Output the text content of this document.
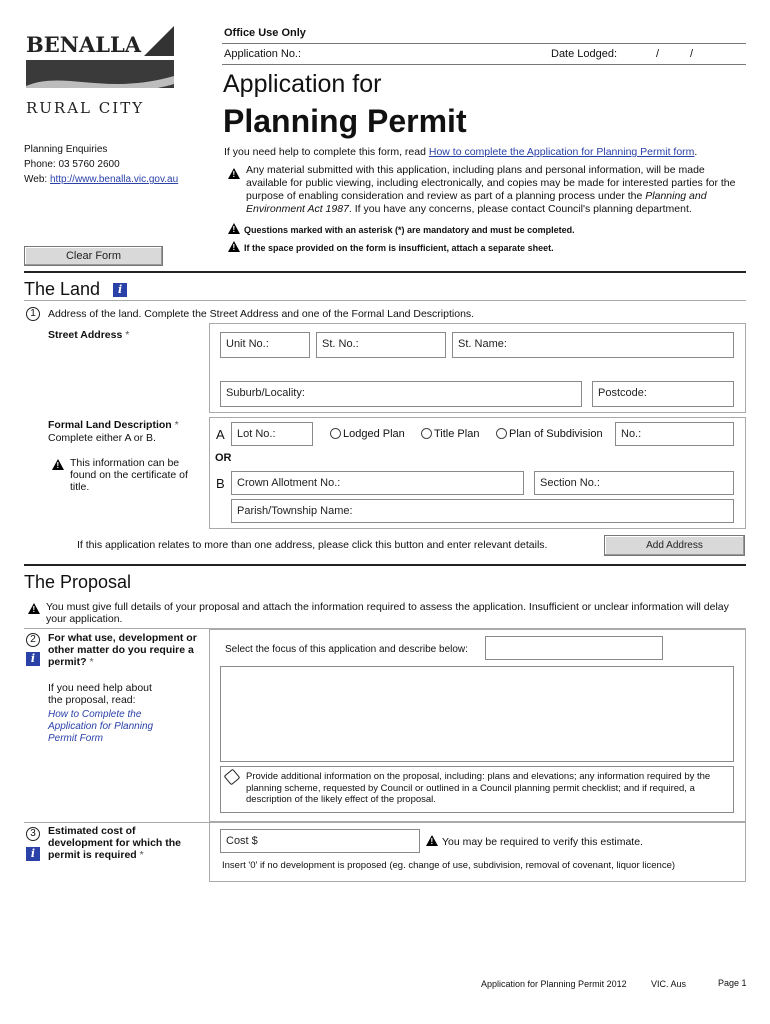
BENALLA
RURAL CITY
Planning Enquiries
Phone: 03 5760 2600
Web: http://www.benalla.vic.gov.au
Office Use Only
Application No.:	Date Lodged:	/	/
Application for
Planning Permit
If you need help to complete this form, read How to complete the Application for Planning Permit form.
!
Any material submitted with this application, including plans and personal information, will be made available for public viewing, including electronically, and copies may be made for interested parties for the purpose of enabling consideration and review as part of a planning process under the Planning and Environment Act 1987. If you have any concerns, please contact Council's planning department.
!Questions marked with an asterisk (*) are mandatory and must be completed.
!If the space provided on the form is insufficient, attach a separate sheet.
Clear Form
The Land i
1	Address of the land. Complete the Street Address and one of the Formal Land Descriptions.
Street Address *
Unit No.:	St. No.:	St. Name:
Suburb/Locality:	Postcode:
Formal Land Description *
Complete either A or B.
!
This information can be found on the certificate of title.
A	Lot No.:	Lodged Plan	Title Plan	Plan of Subdivision	No.:
OR
B	Crown Allotment No.:	Section No.:
Parish/Township Name:
If this application relates to more than one address, please click this button and enter relevant details.	Add Address
The Proposal
!
You must give full details of your proposal and attach the information required to assess the application. Insufficient or unclear information will delay your application.
2
i
For what use, development or other matter do you require a permit? *
Select the focus of this application and describe below:
If you need help about the proposal, read:
How to Complete the Application for Planning Permit Form
Provide additional information on the proposal, including: plans and elevations; any information required by the planning scheme, requested by Council or outlined in a Council planning permit checklist; and if required, a description of the likely effect of the proposal.
3
i
Estimated cost of development for which the permit is required *
Cost $
!	You may be required to verify this estimate.
Insert '0' if no development is proposed (eg. change of use, subdivision, removal of covenant, liquor licence)
Application for Planning Permit 2012	VIC. Aus	Page 1
